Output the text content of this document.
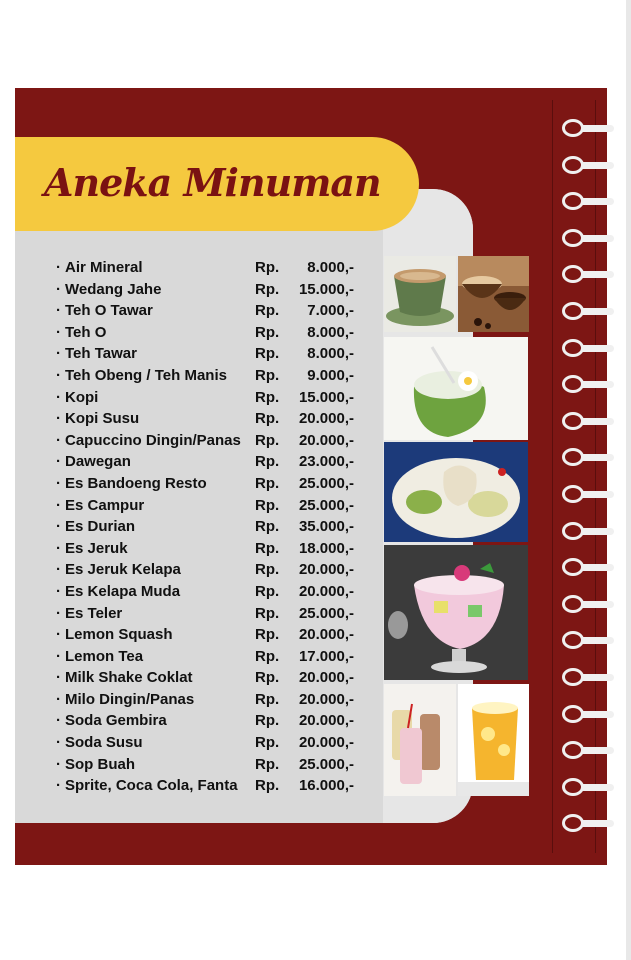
Aneka Minuman
· Air Mineral	Rp. 8.000,-
· Wedang Jahe	Rp. 15.000,-
· Teh O Tawar	Rp. 7.000,-
· Teh O	Rp. 8.000,-
· Teh Tawar	Rp. 8.000,-
· Teh Obeng / Teh Manis Rp. 9.000,-
· Kopi	Rp. 15.000,-
· Kopi Susu	Rp. 20.000,-
· Capuccino Dingin/Panas Rp. 20.000,-
· Dawegan	Rp. 23.000,-
· Es Bandoeng Resto	Rp. 25.000,-
· Es Campur	Rp. 25.000,-
· Es Durian	Rp. 35.000,-
· Es Jeruk	Rp. 18.000,-
· Es Jeruk Kelapa	Rp. 20.000,-
· Es Kelapa Muda	Rp. 20.000,-
· Es Teler	Rp. 25.000,-
· Lemon Squash	Rp. 20.000,-
· Lemon Tea	Rp. 17.000,-
· Milk Shake Coklat	Rp. 20.000,-
· Milo Dingin/Panas	Rp. 20.000,-
· Soda Gembira	Rp. 20.000,-
· Soda Susu	Rp. 20.000,-
· Sop Buah	Rp. 25.000,-
· Sprite, Coca Cola, Fanta Rp. 16.000,-
